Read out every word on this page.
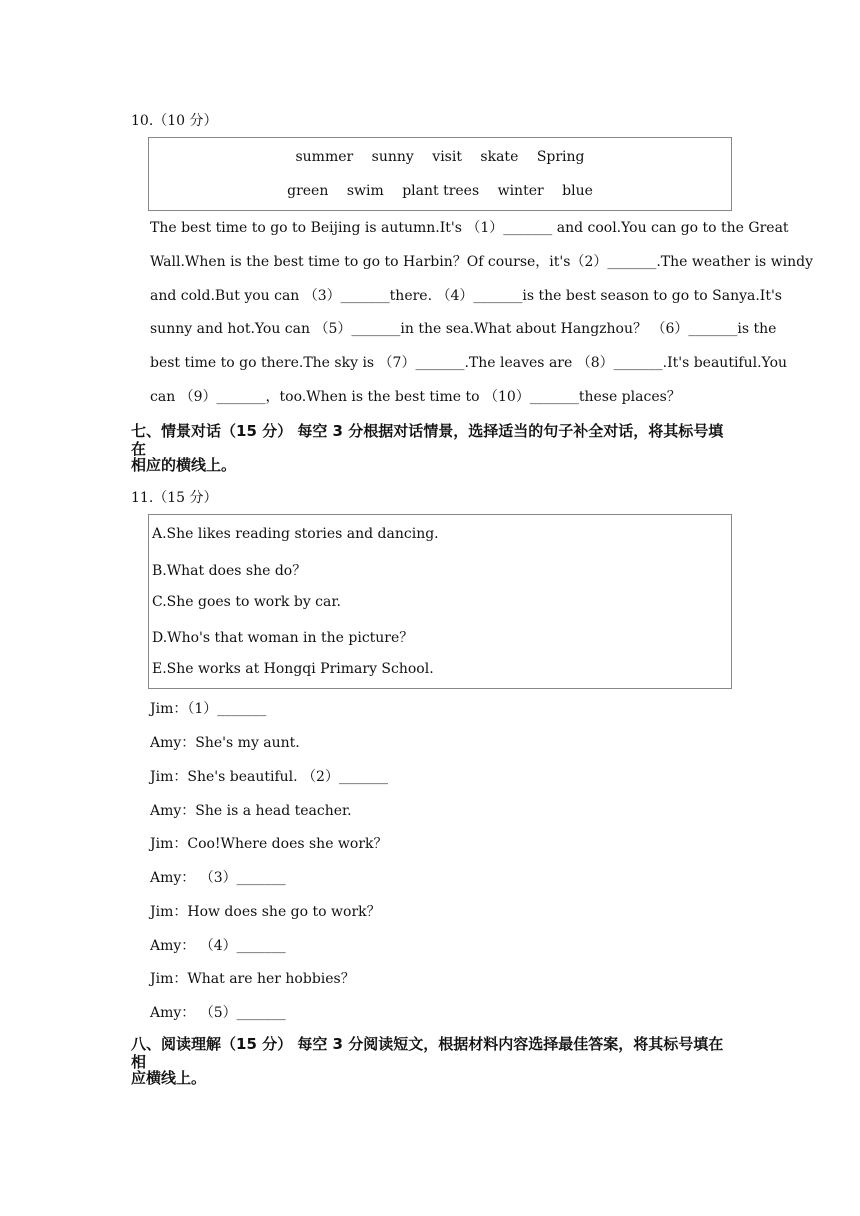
10.（10 分）
summer sunny visit skate Spring
green swim plant trees winter blue
The best time to go to Beijing is autumn.It's （1）_______ and cool.You can go to the Great
Wall.When is the best time to go to Harbin？Of course，it's（2）_______.The weather is windy
and cold.But you can （3）_______there. （4）_______is the best season to go to Sanya.It's
sunny and hot.You can （5）_______in the sea.What about Hangzhou？ （6）_______is the
best time to go there.The sky is （7）_______.The leaves are （8）_______.It's beautiful.You
can （9）_______，too.When is the best time to （10）_______these places？
七、情景对话（15 分） 每空 3 分根据对话情景，选择适当的句子补全对话，将其标号填在
相应的横线上。
11.（15 分）
A.She likes reading stories and dancing.
B.What does she do？
C.She goes to work by car.
D.Who's that woman in the picture？
E.She works at Hongqi Primary School.
Jim：（1）_______
Amy：She's my aunt.
Jim：She's beautiful. （2）_______
Amy：She is a head teacher.
Jim：Coo!Where does she work？
Amy： （3）_______
Jim：How does she go to work？
Amy： （4）_______
Jim：What are her hobbies？
Amy： （5）_______
八、阅读理解（15 分） 每空 3 分阅读短文，根据材料内容选择最佳答案，将其标号填在相
应横线上。
